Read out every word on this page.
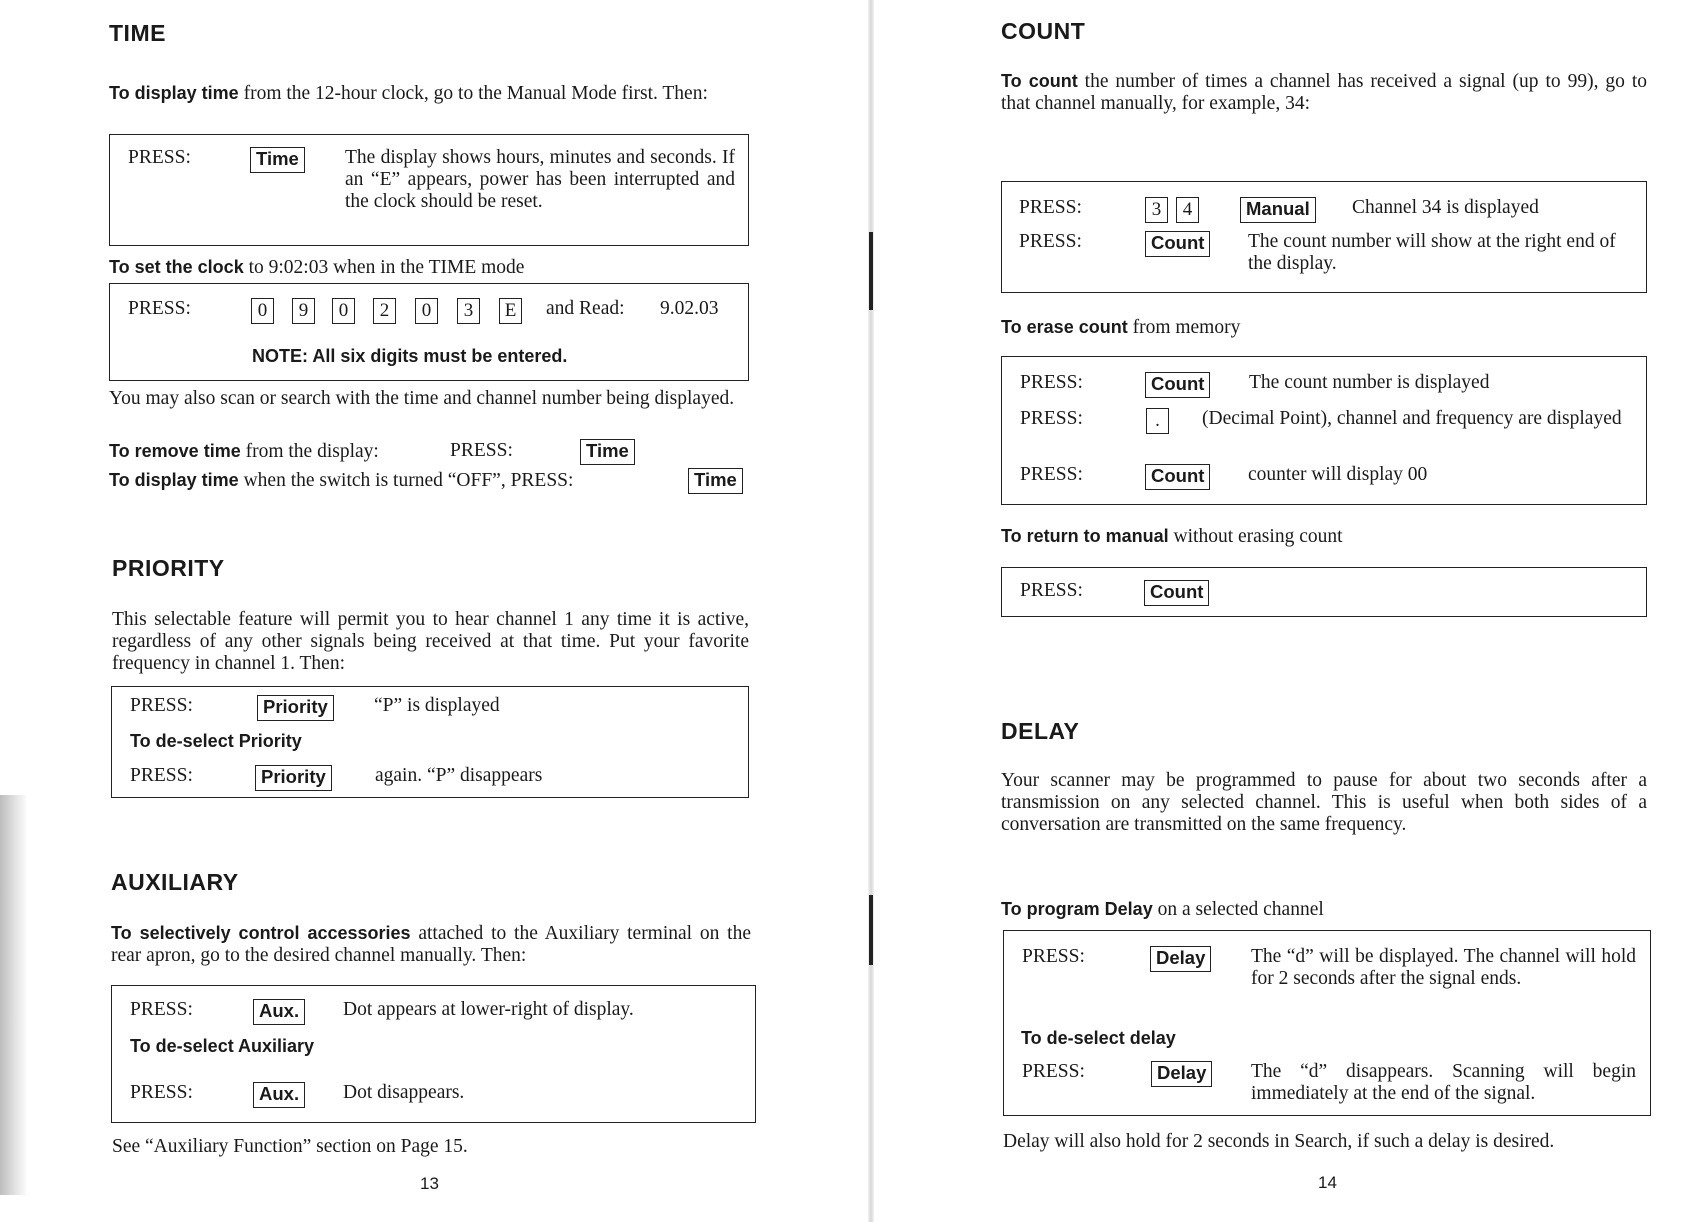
TIME
To display time from the 12-hour clock, go to the Manual Mode first. Then:
PRESS:	Time	The display shows hours, minutes and seconds. If an “E” appears, power has been interrupted and the clock should be reset.
To set the clock to 9:02:03 when in the TIME mode
PRESS:	0	9	0	2	0	3	E and Read: 9.02.03
NOTE: All six digits must be entered.
You may also scan or search with the time and channel number being displayed.
To remove time from the display:	PRESS:	Time
To display time when the switch is turned “OFF”, PRESS:	Time
PRIORITY
This selectable feature will permit you to hear channel 1 any time it is active, regardless of any other signals being received at that time. Put your favorite frequency in channel 1. Then:
PRESS:	Priority	“P” is displayed
To de-select Priority
PRESS:	Priority	again. “P” disappears
AUXILIARY
To selectively control accessories attached to the Auxiliary terminal on the rear apron, go to the desired channel manually. Then:
PRESS:	Aux.	Dot appears at lower-right of display.
To de-select Auxiliary
PRESS:	Aux.	Dot disappears.
See “Auxiliary Function” section on Page 15.
13
COUNT
To count the number of times a channel has received a signal (up to 99), go to that channel manually, for example, 34:
PRESS:	3	4	Manual	Channel 34 is displayed
PRESS:	Count	The count number will show at the right end of the display.
To erase count from memory
PRESS:	Count	The count number is displayed
PRESS:	.	(Decimal Point), channel and frequency are displayed
PRESS:	Count	counter will display 00
To return to manual without erasing count
PRESS:	Count
DELAY
Your scanner may be programmed to pause for about two seconds after a transmission on any selected channel. This is useful when both sides of a conversation are transmitted on the same frequency.
To program Delay on a selected channel
PRESS:	Delay	The “d” will be displayed. The channel will hold for 2 seconds after the signal ends.
To de-select delay
PRESS:	Delay	The “d” disappears. Scanning will begin immediately at the end of the signal.
Delay will also hold for 2 seconds in Search, if such a delay is desired.
14
